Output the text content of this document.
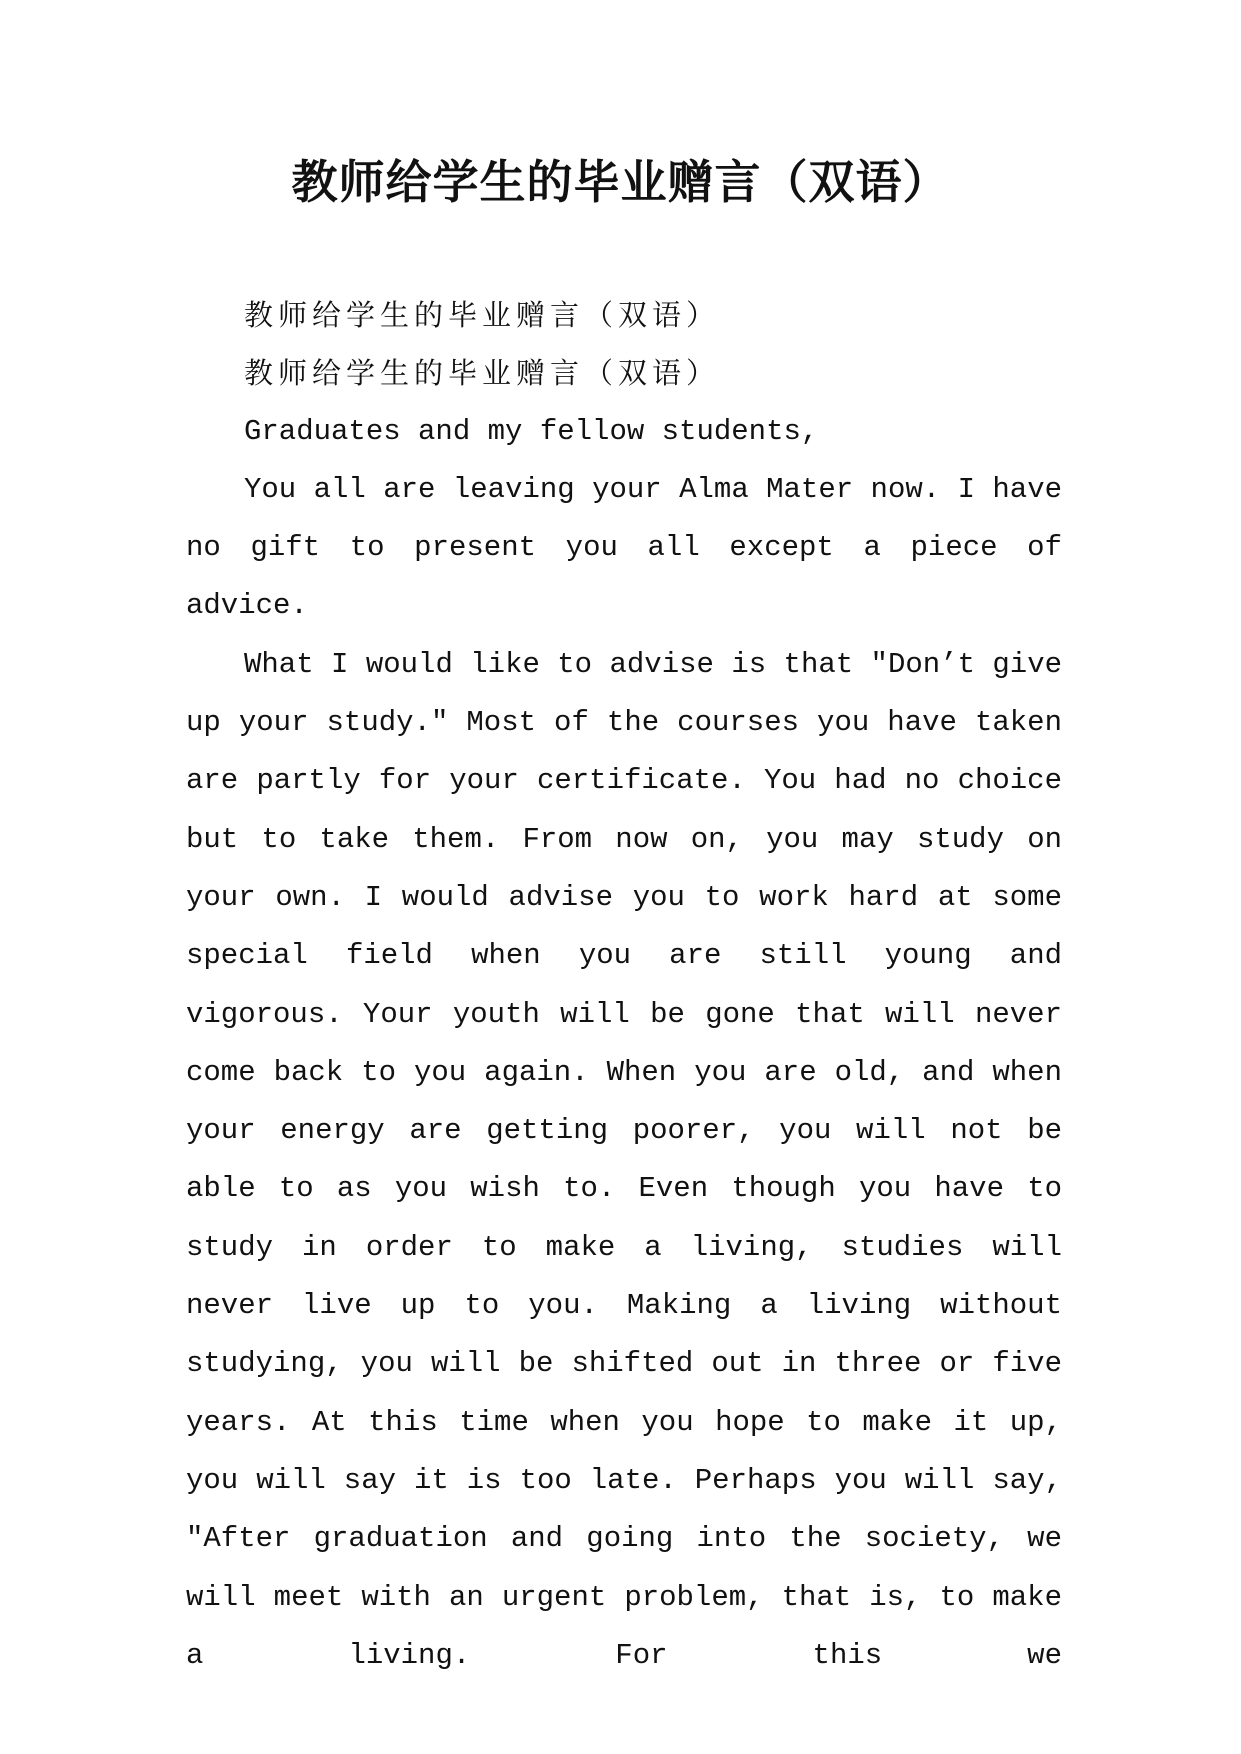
教师给学生的毕业赠言（双语）

教师给学生的毕业赠言（双语）

教师给学生的毕业赠言（双语）

Graduates and my fellow students,

You all are leaving your Alma Mater now. I have no gift to present you all except a piece of advice.

What I would like to advise is that "Don’t give up your study." Most of the courses you have taken are partly for your certificate. You had no choice but to take them. From now on, you may study on your own. I would advise you to work hard at some special field when you are still young and vigorous. Your youth will be gone that will never come back to you again. When you are old, and when your energy are getting poorer, you will not be able to as you wish to. Even though you have to study in order to make a living, studies will never live up to you. Making a living without studying, you will be shifted out in three or five years. At this time when you hope to make it up, you will say it is too late. Perhaps you will say, "After graduation and going into the society, we will meet with an urgent problem, that is, to make a living. For this we
